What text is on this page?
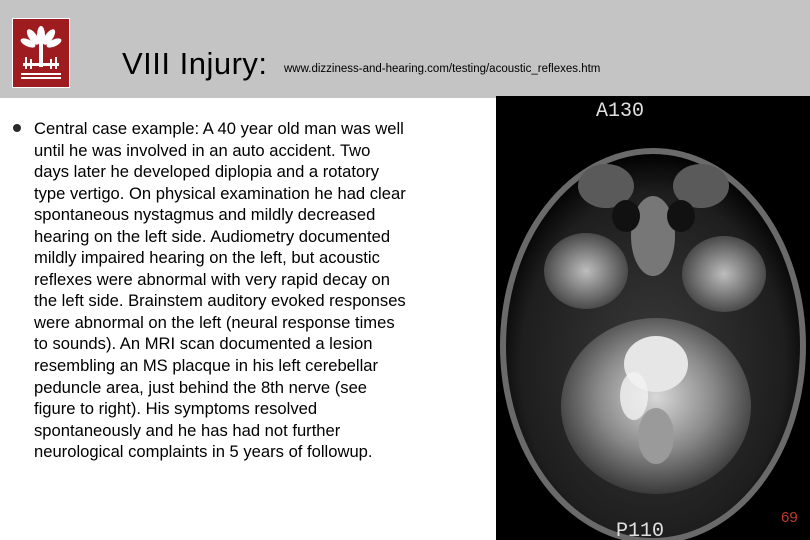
VIII Injury: www.dizziness-and-hearing.com/testing/acoustic_reflexes.htm
Central case example: A 40 year old man was well
until he was involved in an auto accident. Two
days later he developed diplopia and a rotatory
type vertigo. On physical examination he had clear
spontaneous nystagmus and mildly decreased
hearing on the left side. Audiometry documented
mildly impaired hearing on the left, but acoustic
reflexes were abnormal with very rapid decay on
the left side. Brainstem auditory evoked responses
were abnormal on the left (neural response times
to sounds). An MRI scan documented a lesion
resembling an MS placque in his left cerebellar
peduncle area, just behind the 8th nerve (see
figure to right). His symptoms resolved
spontaneously and he has had not further
neurological complaints in 5 years of followup.
A130
P110
69
